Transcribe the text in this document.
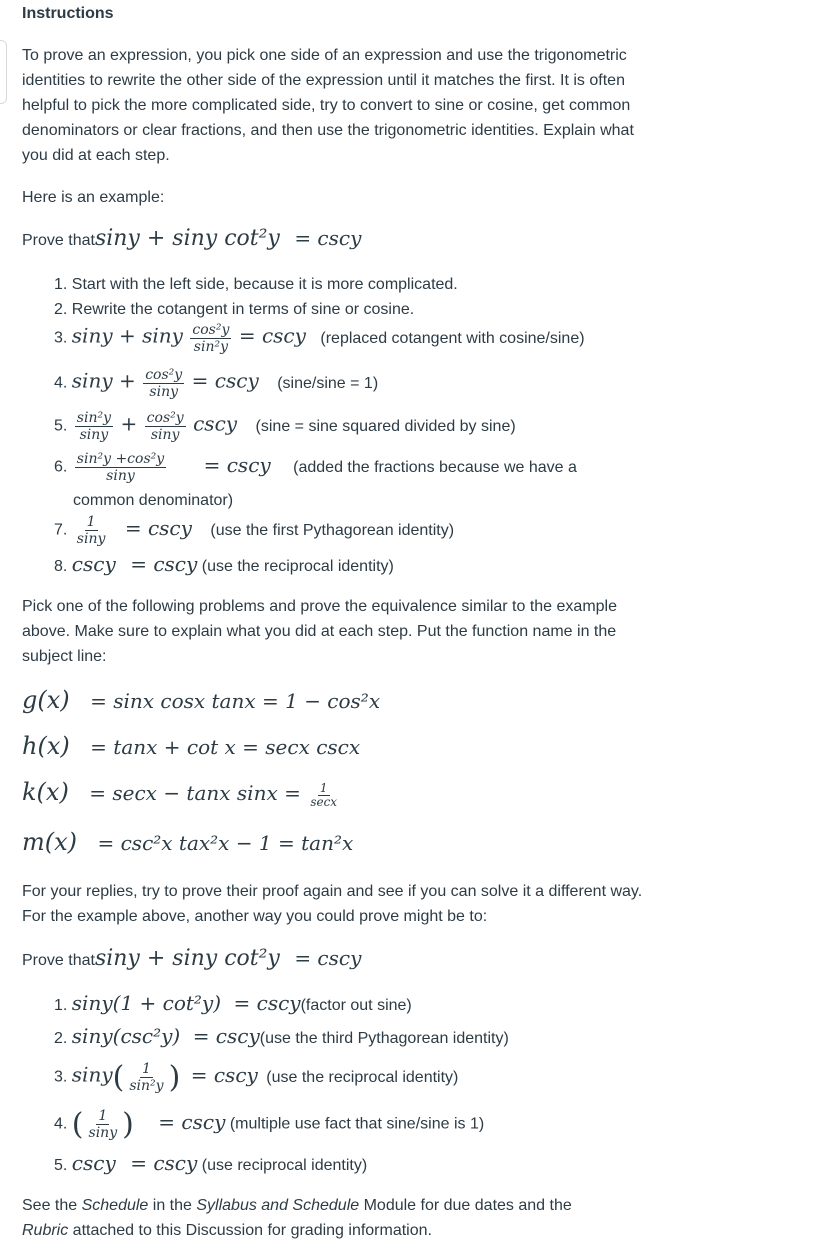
Instructions

To prove an expression, you pick one side of an expression and use the trigonometric identities to rewrite the other side of the expression until it matches the first. It is often helpful to pick the more complicated side, try to convert to sine or cosine, get common denominators or clear fractions, and then use the trigonometric identities. Explain what you did at each step.

Here is an example:

Prove thatsiny + siny cot²y = cscy
1. Start with the left side, because it is more complicated.
2. Rewrite the cotangent in terms of sine or cosine.
3. siny + siny $\frac{\text{cos²y}}{\text{sin²y}} = \csc y$ (replaced cotangent with cosine/sine)
4. $\sin y + \frac{\text{cos²y}}{\sin y} = \csc y$ (sine/sine = 1)
5. $\frac{\text{sin²y}}{\sin y} + \frac{\text{cos²y}}{\sin y}$ cscy (sine = sine squared divided by sine)
6. $\frac{\text{sin²y +cos²y}}{\sin y} = \csc y$ (added the fractions because we have a
common denominator)
7. $\frac{1}{\sin y} = \csc y$ (use the first Pythagorean identity)
8. cscy = cscy (use the reciprocal identity)

Pick one of the following problems and prove the equivalence similar to the example above. Make sure to explain what you did at each step. Put the function name in the subject line:

g(x) = sinx cosx tanx = 1 − cos²x
h(x) = tanx + cot x = secx cscx
k(x) = secx − tanx $\sin x = \frac{1}{\sec x}$
m(x) = csc²x tax²x − 1 = tan²x

For your replies, try to prove their proof again and see if you can solve it a different way. For the example above, another way you could prove might be to:

Prove thatsiny + siny cot²y = cscy
1. siny(1 + cot²y) = cscy(factor out sine)
2. siny(csc²y) = cscy(use the third Pythagorean identity)
3. $\sin y( \frac{1}{\text{sin²y}}$ ) = cscy (use the reciprocal identity)
4. ( $\frac{1}{\sin y}$ ) = cscy (multiple use fact that sine/sine is 1)
5. cscy = cscy (use reciprocal identity)

See the Schedule in the Syllabus and Schedule Module for due dates and the
Rubric attached to this Discussion for grading information.
